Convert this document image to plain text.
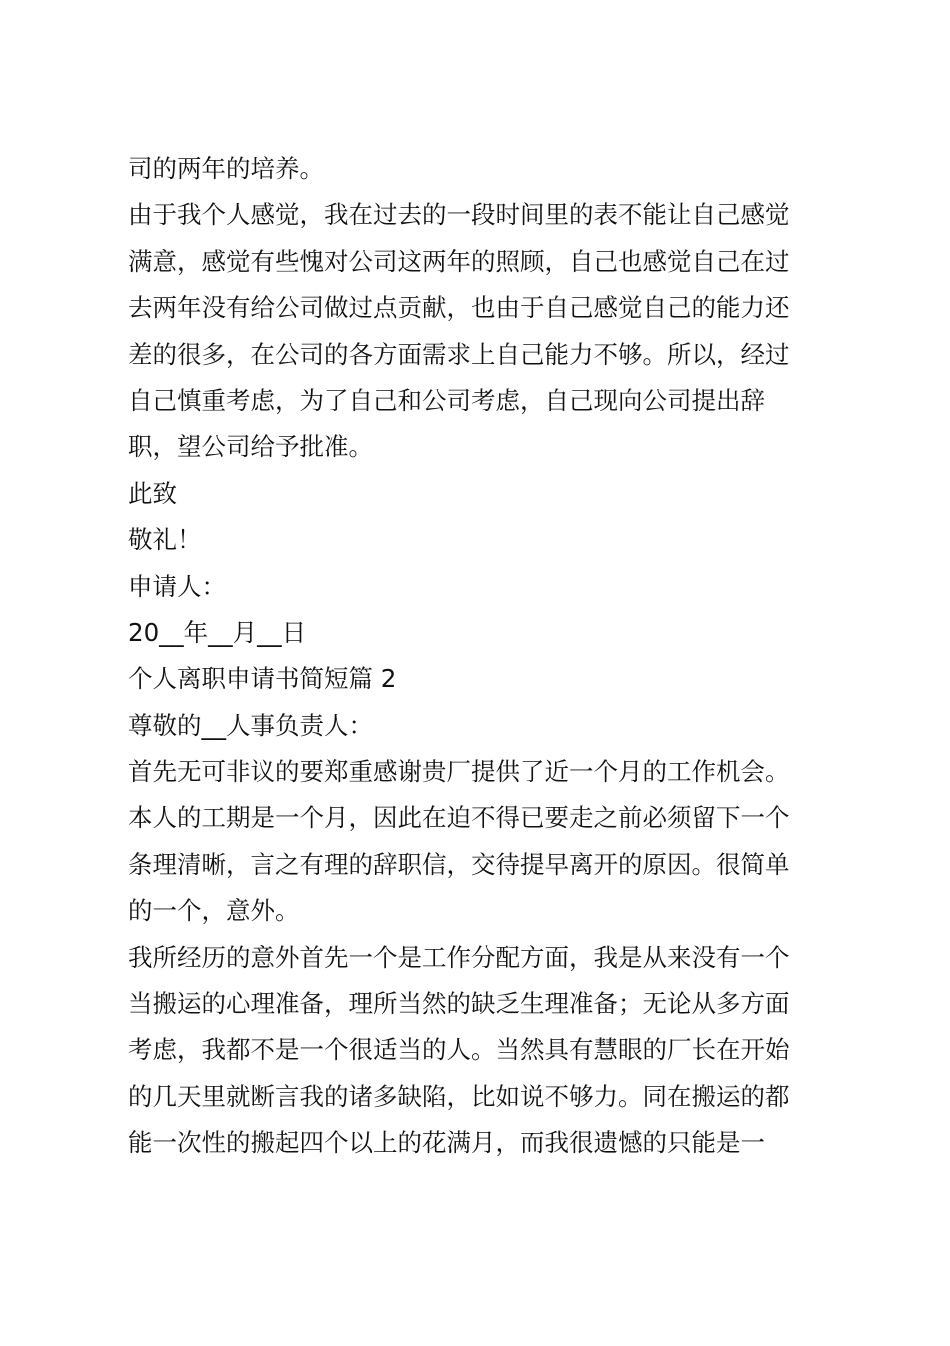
司的两年的培养。
由于我个人感觉，我在过去的一段时间里的表不能让自己感觉
满意，感觉有些愧对公司这两年的照顾，自己也感觉自己在过
去两年没有给公司做过点贡献，也由于自己感觉自己的能力还
差的很多，在公司的各方面需求上自己能力不够。所以，经过
自己慎重考虑，为了自己和公司考虑，自己现向公司提出辞
职，望公司给予批准。
此致
敬礼！
申请人：
20__年__月__日
个人离职申请书简短篇 2
尊敬的__人事负责人：
首先无可非议的要郑重感谢贵厂提供了近一个月的工作机会。
本人的工期是一个月，因此在迫不得已要走之前必须留下一个
条理清晰，言之有理的辞职信，交待提早离开的原因。很简单
的一个，意外。
我所经历的意外首先一个是工作分配方面，我是从来没有一个
当搬运的心理准备，理所当然的缺乏生理准备；无论从多方面
考虑，我都不是一个很适当的人。当然具有慧眼的厂长在开始
的几天里就断言我的诸多缺陷，比如说不够力。同在搬运的都
能一次性的搬起四个以上的花满月，而我很遗憾的只能是一
